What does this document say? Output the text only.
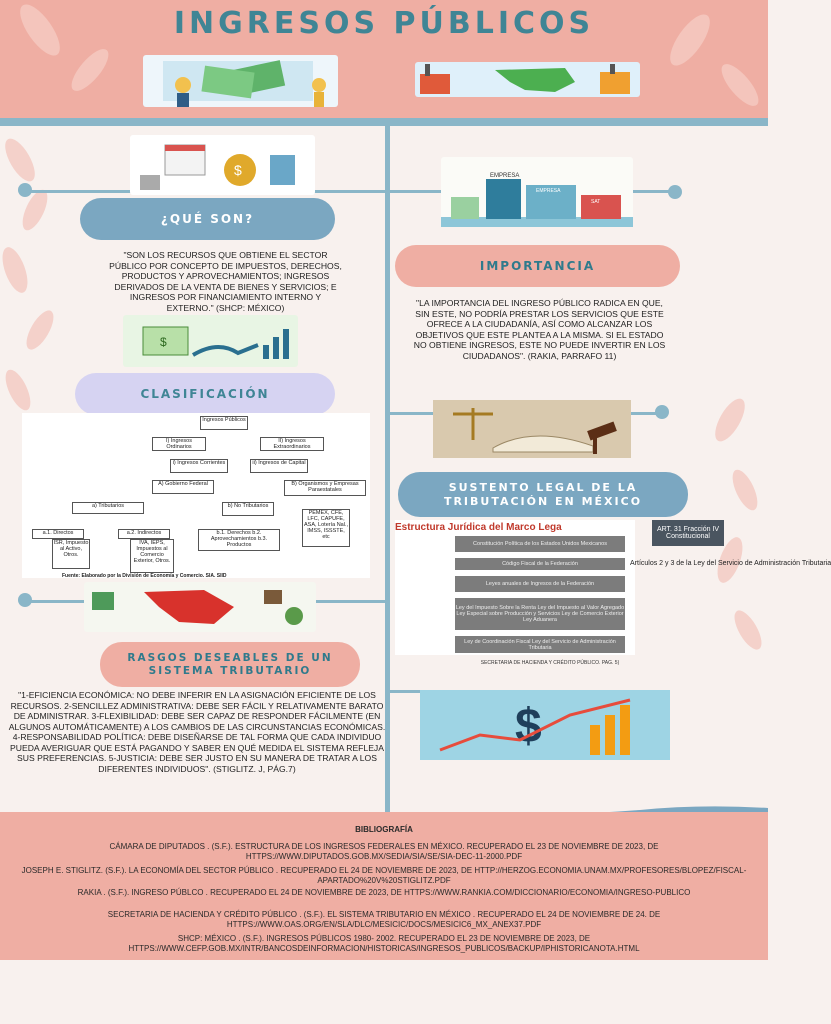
INGRESOS PÚBLICOS
$
¿QUÉ SON?
"SON LOS RECURSOS QUE OBTIENE EL SECTOR PÚBLICO POR CONCEPTO DE IMPUESTOS, DERECHOS, PRODUCTOS Y APROVECHAMIENTOS; INGRESOS DERIVADOS DE LA VENTA DE BIENES Y SERVICIOS; E INGRESOS POR FINANCIAMIENTO INTERNO Y EXTERNO." (SHCP: MÉXICO)
$
EMPRESA
EMPRESA
SAT
IMPORTANCIA
"LA IMPORTANCIA DEL INGRESO PÚBLICO RADICA EN QUE, SIN ESTE, NO PODRÍA PRESTAR LOS SERVICIOS QUE ESTE OFRECE A LA CIUDADANÍA, ASÍ COMO ALCANZAR LOS OBJETIVOS QUE ESTE PLANTEA A LA MISMA. SI EL ESTADO NO OBTIENE INGRESOS, ESTE NO PUEDE INVERTIR EN LOS CIUDADANOS". (RAKIA, PARRAFO 11)
CLASIFICACIÓN
Ingresos Públicos
I) Ingresos Ordinarios
II) Ingresos Extraordinarios
i) Ingresos Corrientes	ii) Ingresos de Capital
A) Gobierno Federal	B) Organismos y Empresas Paraestatales
a) Tributarios	b) No Tributarios
a.1. Directos
ISR, Impuesto al Activo, Otros.
a.2. Indirectos
IVA, IEPS, Impuestos al Comercio Exterior, Otros.
b.1. Derechos b.2. Aprovechamientos b.3. Productos
PEMEX, CFE, LFC, CAPUFE, ASA, Lotería Nal., IMSS, ISSSTE, etc
Fuente: Elaborado por la División de Economía y Comercio. SIA. SIID
SUSTENTO LEGAL DE LA TRIBUTACIÓN EN MÉXICO
Estructura Jurídica del Marco Lega
Constitución Política de los Estados Unidos Mexicanos
Código Fiscal de la Federación
Leyes anuales de Ingresos de la Federación
Ley del Impuesto Sobre la Renta Ley del Impuesto al Valor Agregado Ley Especial sobre Producción y Servicios Ley de Comercio Exterior Ley Aduanera
Ley de Coordinación Fiscal Ley del Servicio de Administración Tributaria
ART. 31 Fracción IV Constitucional
Artículos 2 y 3 de la Ley del Servicio de Administración Tributaria
SECRETARIA DE HACIENDA Y CRÉDITO PÚBLICO. PAG. 5)
RASGOS DESEABLES DE UN SISTEMA TRIBUTARIO
"1-EFICIENCIA ECONÓMICA: NO DEBE INFERIR EN LA ASIGNACIÓN EFICIENTE DE LOS RECURSOS. 2-SENCILLEZ ADMINISTRATIVA: DEBE SER FÁCIL Y RELATIVAMENTE BARATO DE ADMINISTRAR. 3-FLEXIBILIDAD: DEBE SER CAPAZ DE RESPONDER FÁCILMENTE (EN ALGUNOS AUTOMÁTICAMENTE) A LOS CAMBIOS DE LAS CIRCUNSTANCIAS ECONÓMICAS. 4-RESPONSABILIDAD POLÍTICA: DEBE DISEÑARSE DE TAL FORMA QUE CADA INDIVIDUO PUEDA AVERIGUAR QUE ESTÁ PAGANDO Y SABER EN QUÉ MEDIDA EL SISTEMA REFLEJA SUS PREFERENCIAS. 5-JUSTICIA: DEBE SER JUSTO EN SU MANERA DE TRATAR A LOS DIFERENTES INDIVIDUOS". (STIGLITZ. J, PÁG.7)
$
BIBLIOGRAFÍA
CÁMARA DE DIPUTADOS . (S.F.). ESTRUCTURA DE LOS INGRESOS FEDERALES EN MÉXICO. RECUPERADO EL 23 DE NOVIEMBRE DE 2023, DE HTTPS://WWW.DIPUTADOS.GOB.MX/SEDIA/SIA/SE/SIA-DEC-11-2000.PDF
JOSEPH E. STIGLITZ. (S.F.). LA ECONOMÍA DEL SECTOR PÚBLICO . RECUPERADO EL 24 DE NOVIEMBRE DE 2023, DE HTTP://HERZOG.ECONOMIA.UNAM.MX/PROFESORES/BLOPEZ/FISCAL-APARTADO%20V%20STIGLITZ.PDF
RAKIA . (S.F.). INGRESO PÚBLCO . RECUPERADO EL 24 DE NOVIEMBRE DE 2023, DE HTTPS://WWW.RANKIA.COM/DICCIONARIO/ECONOMIA/INGRESO-PUBLICO
SECRETARIA DE HACIENDA Y CRÉDITO PÚBLICO . (S.F.). EL SISTEMA TRIBUTARIO EN MÉXICO . RECUPERADO EL 24 DE NOVIEMBRE DE 24. DE HTTPS://WWW.OAS.ORG/EN/SLA/DLC/MESICIC/DOCS/MESICIC6_MX_ANEX37.PDF
SHCP: MÉXICO . (S.F.). INGRESOS PÚBLICOS 1980- 2002. RECUPERADO EL 23 DE NOVIEMBRE DE 2023, DE HTTPS://WWW.CEFP.GOB.MX/INTR/BANCOSDEINFORMACION/HISTORICAS/INGRESOS_PUBLICOS/BACKUP/IPHISTORICANOTA.HTML
